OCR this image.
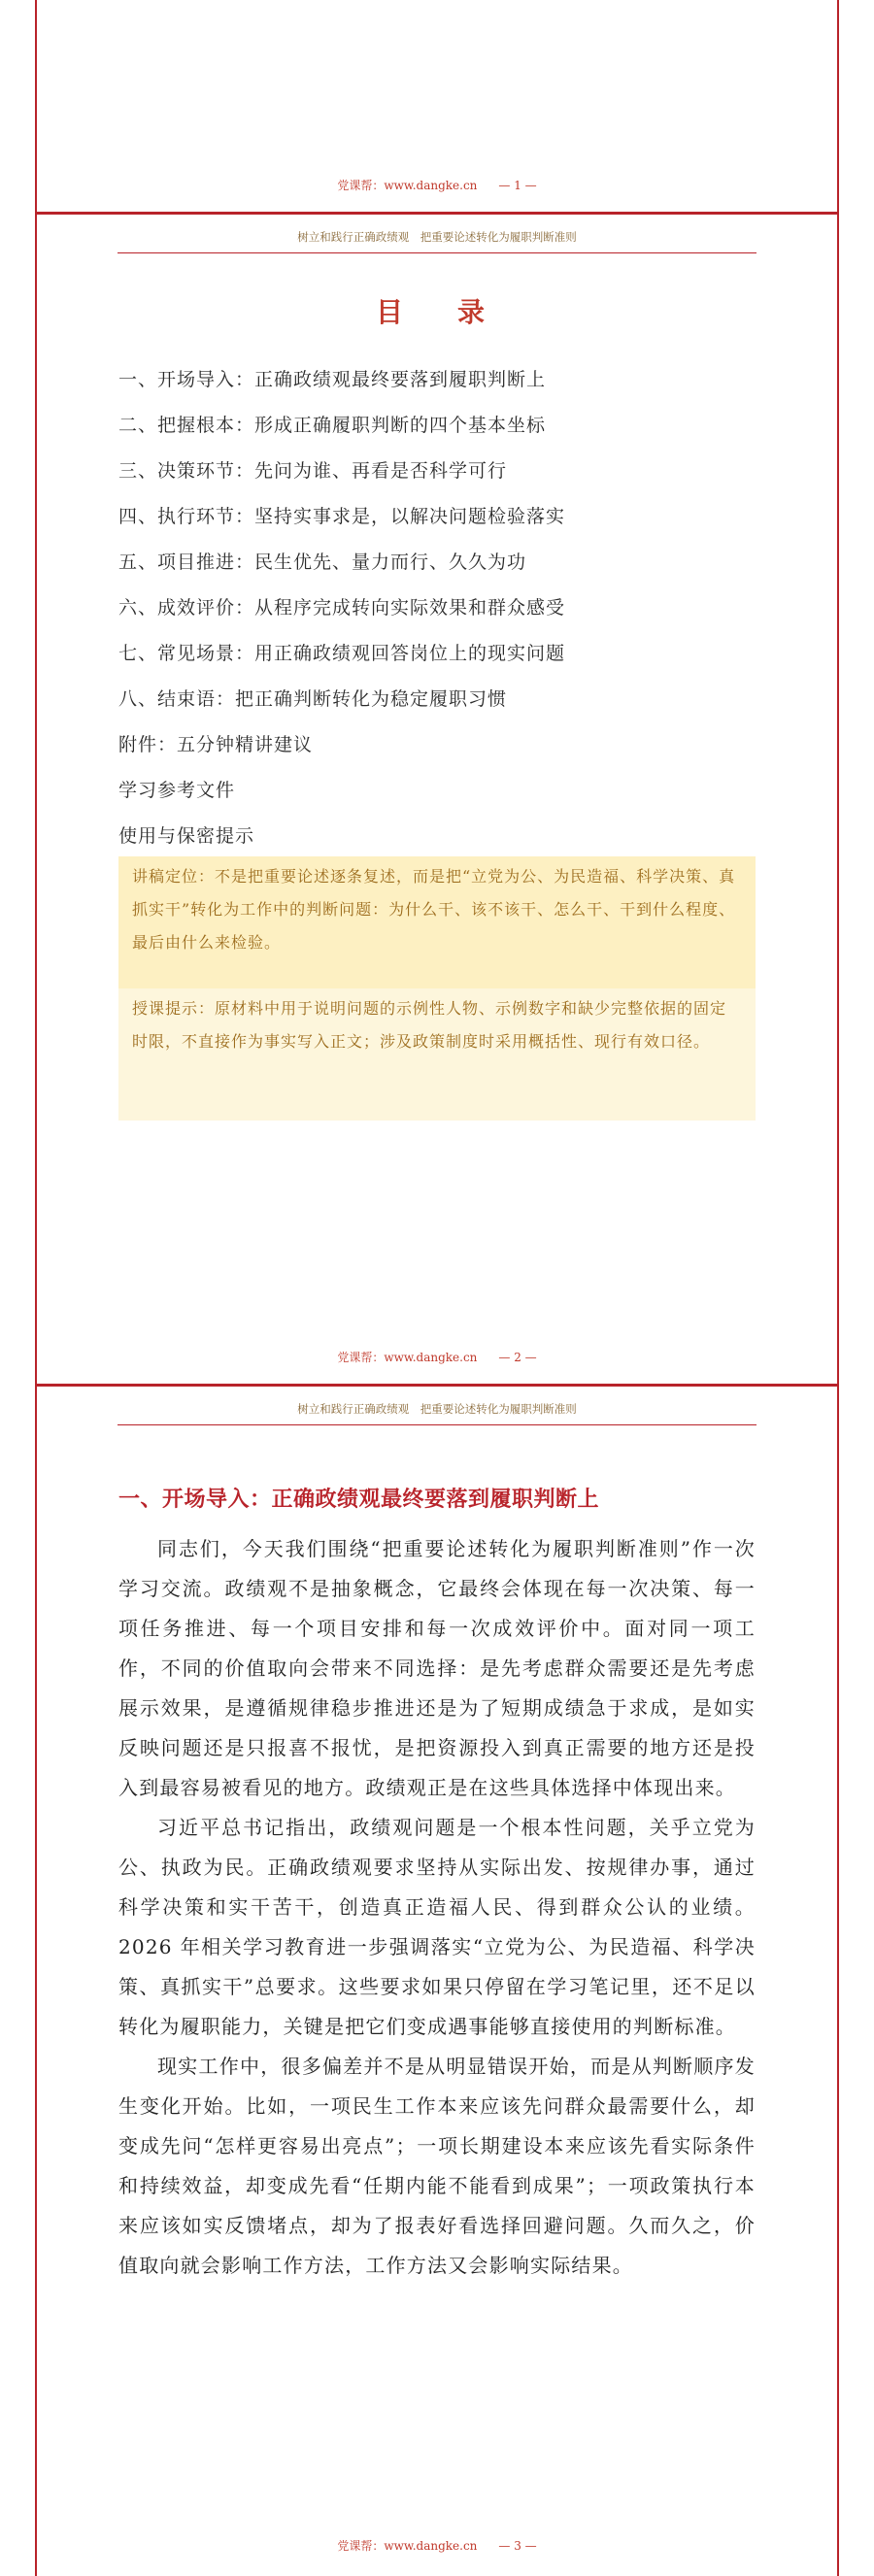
党课帮：www.dangke.cn — 1 —
树立和践行正确政绩观　把重要论述转化为履职判断准则
目　录
一、开场导入：正确政绩观最终要落到履职判断上
二、把握根本：形成正确履职判断的四个基本坐标
三、决策环节：先问为谁、再看是否科学可行
四、执行环节：坚持实事求是，以解决问题检验落实
五、项目推进：民生优先、量力而行、久久为功
六、成效评价：从程序完成转向实际效果和群众感受
七、常见场景：用正确政绩观回答岗位上的现实问题
八、结束语：把正确判断转化为稳定履职习惯
附件：五分钟精讲建议
学习参考文件
使用与保密提示
讲稿定位：不是把重要论述逐条复述，而是把“立党为公、为民造福、科学决策、真抓实干”转化为工作中的判断问题：为什么干、该不该干、怎么干、干到什么程度、最后由什么来检验。
授课提示：原材料中用于说明问题的示例性人物、示例数字和缺少完整依据的固定时限，不直接作为事实写入正文；涉及政策制度时采用概括性、现行有效口径。
党课帮：www.dangke.cn — 2 —
树立和践行正确政绩观　把重要论述转化为履职判断准则
一、开场导入：正确政绩观最终要落到履职判断上

同志们，今天我们围绕“把重要论述转化为履职判断准则”作一次学习交流。政绩观不是抽象概念，它最终会体现在每一次决策、每一项任务推进、每一个项目安排和每一次成效评价中。面对同一项工作，不同的价值取向会带来不同选择：是先考虑群众需要还是先考虑展示效果，是遵循规律稳步推进还是为了短期成绩急于求成，是如实反映问题还是只报喜不报忧，是把资源投入到真正需要的地方还是投入到最容易被看见的地方。政绩观正是在这些具体选择中体现出来。

习近平总书记指出，政绩观问题是一个根本性问题，关乎立党为公、执政为民。正确政绩观要求坚持从实际出发、按规律办事，通过科学决策和实干苦干，创造真正造福人民、得到群众公认的业绩。2026 年相关学习教育进一步强调落实“立党为公、为民造福、科学决策、真抓实干”总要求。这些要求如果只停留在学习笔记里，还不足以转化为履职能力，关键是把它们变成遇事能够直接使用的判断标准。

现实工作中，很多偏差并不是从明显错误开始，而是从判断顺序发生变化开始。比如，一项民生工作本来应该先问群众最需要什么，却变成先问“怎样更容易出亮点”；一项长期建设本来应该先看实际条件和持续效益，却变成先看“任期内能不能看到成果”；一项政策执行本来应该如实反馈堵点，却为了报表好看选择回避问题。久而久之，价值取向就会影响工作方法，工作方法又会影响实际结果。

党课帮：www.dangke.cn — 3 —
